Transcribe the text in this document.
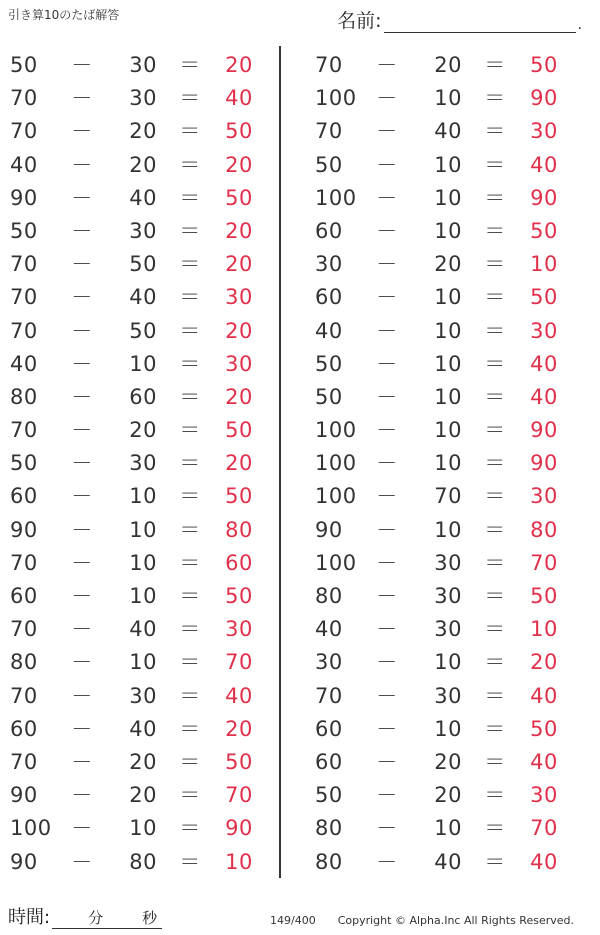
引き算10のたば解答	名前:	.
50	－	30 ＝	20
70	－	30 ＝	40
70	－	20 ＝	50
40	－	20 ＝	20
90	－	40 ＝	50
50	－	30 ＝	20
70	－	50 ＝	20
70	－	40 ＝	30
70	－	50 ＝	20
40	－	10 ＝	30
80	－	60 ＝	20
70	－	20 ＝	50
50	－	30 ＝	20
60	－	10 ＝	50
90	－	10 ＝	80
70	－	10 ＝	60
60	－	10 ＝	50
70	－	40 ＝	30
80	－	10 ＝	70
70	－	30 ＝	40
60	－	40 ＝	20
70	－	20 ＝	50
90	－	20 ＝	70
100 －	10 ＝	90
90	－	80 ＝	10
70	－	20 ＝	50
100 －	10 ＝	90
70	－	40 ＝	30
50	－	10 ＝	40
100 －	10 ＝	90
60	－	10 ＝	50
30	－	20 ＝	10
60	－	10 ＝	50
40	－	10 ＝	30
50	－	10 ＝	40
50	－	10 ＝	40
100 －	10 ＝	90
100 －	10 ＝	90
100 －	70 ＝	30
90	－	10 ＝	80
100 －	30 ＝	70
80	－	30 ＝	50
40	－	30 ＝	10
30	－	10 ＝	20
70	－	30 ＝	40
60	－	10 ＝	50
60	－	20 ＝	40
50	－	20 ＝	30
80	－	10 ＝	70
80	－	40 ＝	40
時間:	分	秒	149/400 Copyright © Alpha.Inc All Rights Reserved.
